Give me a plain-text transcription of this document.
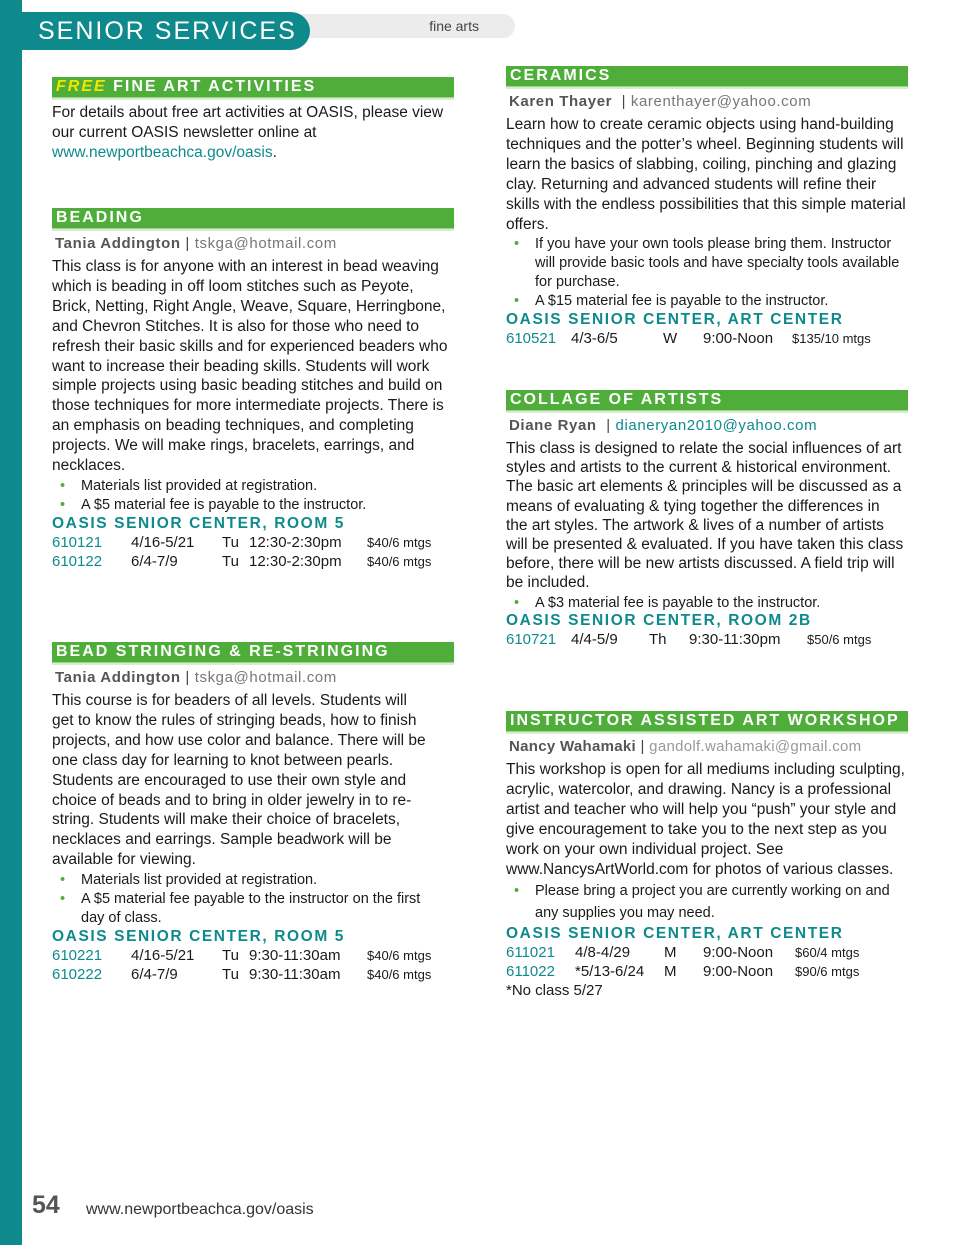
fine arts
SENIOR SERVICES
FREE FINE ART ACTIVITIES
For details about free art activities at OASIS, please view our current OASIS newsletter online at www.newportbeachca.gov/oasis.
BEADING
Tania Addington | tskga@hotmail.com
This class is for anyone with an interest in bead weaving which is beading in off loom stitches such as Peyote, Brick, Netting, Right Angle, Weave, Square, Herringbone, and Chevron Stitches. It is also for those who need to refresh their basic skills and for experienced beaders who want to increase their beading skills. Students will work simple projects using basic beading stitches and build on those techniques for more intermediate projects. There is an emphasis on beading techniques, and completing projects. We will make rings, bracelets, earrings, and necklaces.
• Materials list provided at registration.
• A $5 material fee is payable to the instructor.
OASIS SENIOR CENTER, ROOM 5
610121	4/16-5/21	Tu	12:30-2:30pm	$40/6 mtgs
610122	6/4-7/9	Tu	12:30-2:30pm	$40/6 mtgs
BEAD STRINGING & RE-STRINGING
Tania Addington | tskga@hotmail.com
This course is for beaders of all levels. Students will get to know the rules of stringing beads, how to finish projects, and how use color and balance. There will be one class day for learning to knot between pearls. Students are encouraged to use their own style and choice of beads and to bring in older jewelry in to re-string. Students will make their choice of bracelets, necklaces and earrings. Sample beadwork will be available for viewing.
• Materials list provided at registration.
• A $5 material fee payable to the instructor on the first day of class.
OASIS SENIOR CENTER, ROOM 5
610221	4/16-5/21	Tu	9:30-11:30am	$40/6 mtgs
610222	6/4-7/9	Tu	9:30-11:30am	$40/6 mtgs
CERAMICS
Karen Thayer  | karenthayer@yahoo.com
Learn how to create ceramic objects using hand-building techniques and the potter’s wheel. Beginning students will learn the basics of slabbing, coiling, pinching and glazing clay. Returning and advanced students will refine their skills with the endless possibilities that this simple material offers.
• If you have your own tools please bring them. Instructor will provide basic tools and have specialty tools available for purchase.
• A $15 material fee is payable to the instructor.
OASIS SENIOR CENTER, ART CENTER
610521	4/3-6/5	W	9:00-Noon	$135/10 mtgs
COLLAGE OF ARTISTS
Diane Ryan  | dianeryan2010@yahoo.com
This class is designed to relate the social influences of art styles and artists to the current & historical environment. The basic art elements & principles will be discussed as a means of evaluating & tying together the differences in the art styles. The artwork & lives of a number of artists will be presented & evaluated. If you have taken this class before, there will be new artists discussed. A field trip will be included.
• A $3 material fee is payable to the instructor.
OASIS SENIOR CENTER, ROOM 2B
610721	4/4-5/9	Th	9:30-11:30pm	$50/6 mtgs
INSTRUCTOR ASSISTED ART WORKSHOP
Nancy Wahamaki | gandolf.wahamaki@gmail.com
This workshop is open for all mediums including sculpting, acrylic, watercolor, and drawing. Nancy is a professional artist and teacher who will help you “push” your style and give encouragement to take you to the next step as you work on your own individual project. See www.NancysArtWorld.com for photos of various classes.
• Please bring a project you are currently working on and any supplies you may need.
OASIS SENIOR CENTER, ART CENTER
611021	4/8-4/29	M	9:00-Noon	$60/4 mtgs
611022	*5/13-6/24	M	9:00-Noon	$90/6 mtgs
*No class 5/27
54 www.newportbeachca.gov/oasis
